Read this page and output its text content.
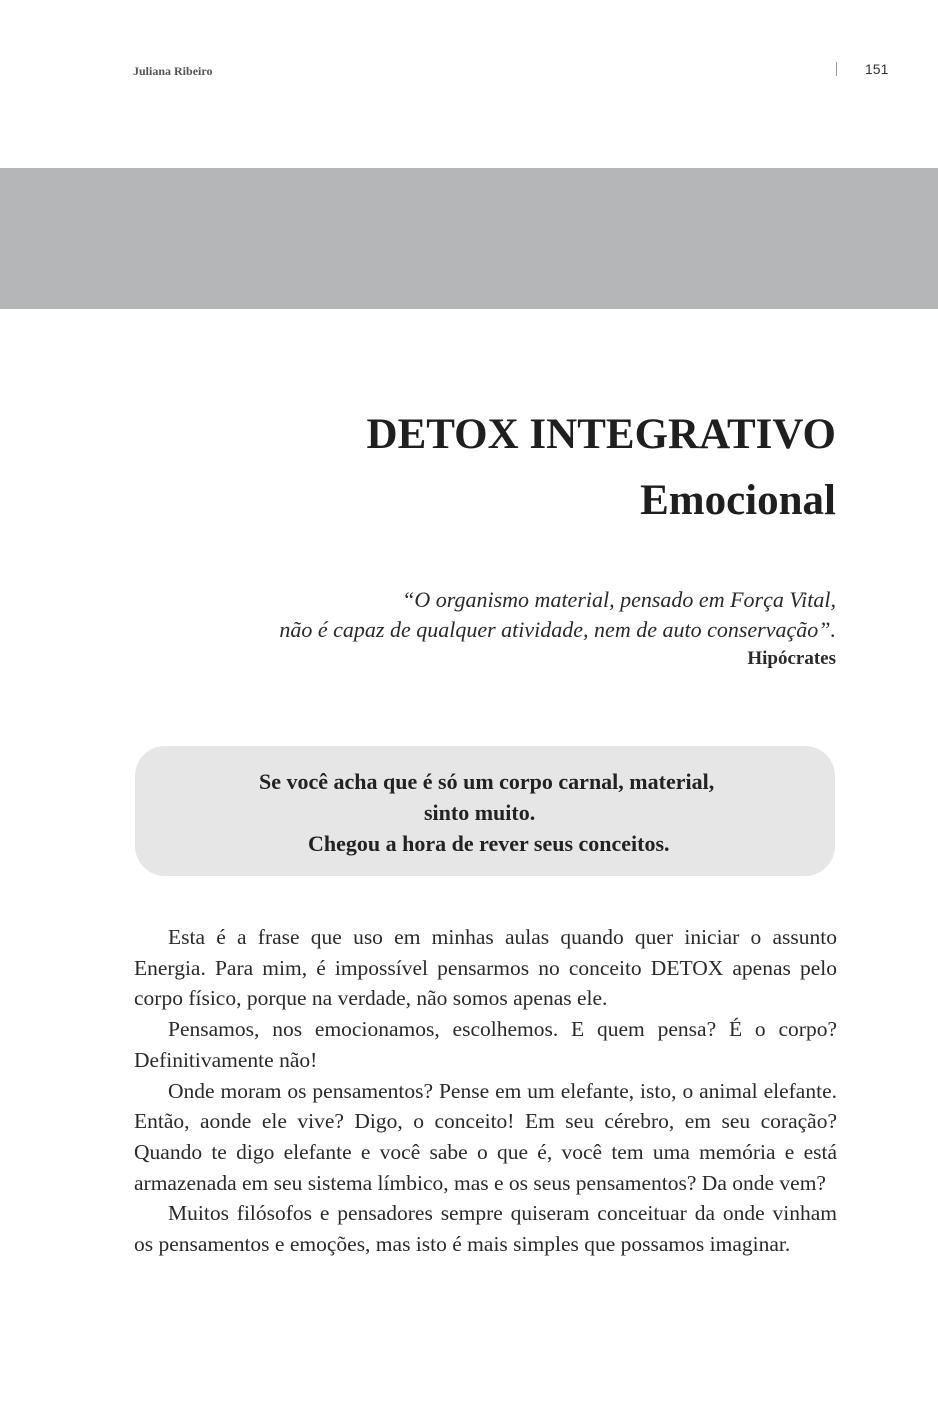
Juliana Ribeiro	151
DETOX INTEGRATIVO
Emocional
“O organismo material, pensado em Força Vital,
não é capaz de qualquer atividade, nem de auto conservação”.
Hipócrates
Se você acha que é só um corpo carnal, material,
sinto muito.
Chegou a hora de rever seus conceitos.

Esta é a frase que uso em minhas aulas quando quer iniciar o assunto Energia. Para mim, é impossível pensarmos no conceito DETOX apenas pelo corpo físico, porque na verdade, não somos apenas ele.

Pensamos, nos emocionamos, escolhemos. E quem pensa? É o corpo? Definitivamente não!

Onde moram os pensamentos? Pense em um elefante, isto, o animal elefante. Então, aonde ele vive? Digo, o conceito! Em seu cérebro, em seu coração? Quando te digo elefante e você sabe o que é, você tem uma memória e está armazenada em seu sistema límbico, mas e os seus pensamentos? Da onde vem?

Muitos filósofos e pensadores sempre quiseram conceituar da onde vinham os pensamentos e emoções, mas isto é mais simples que possamos imaginar.
